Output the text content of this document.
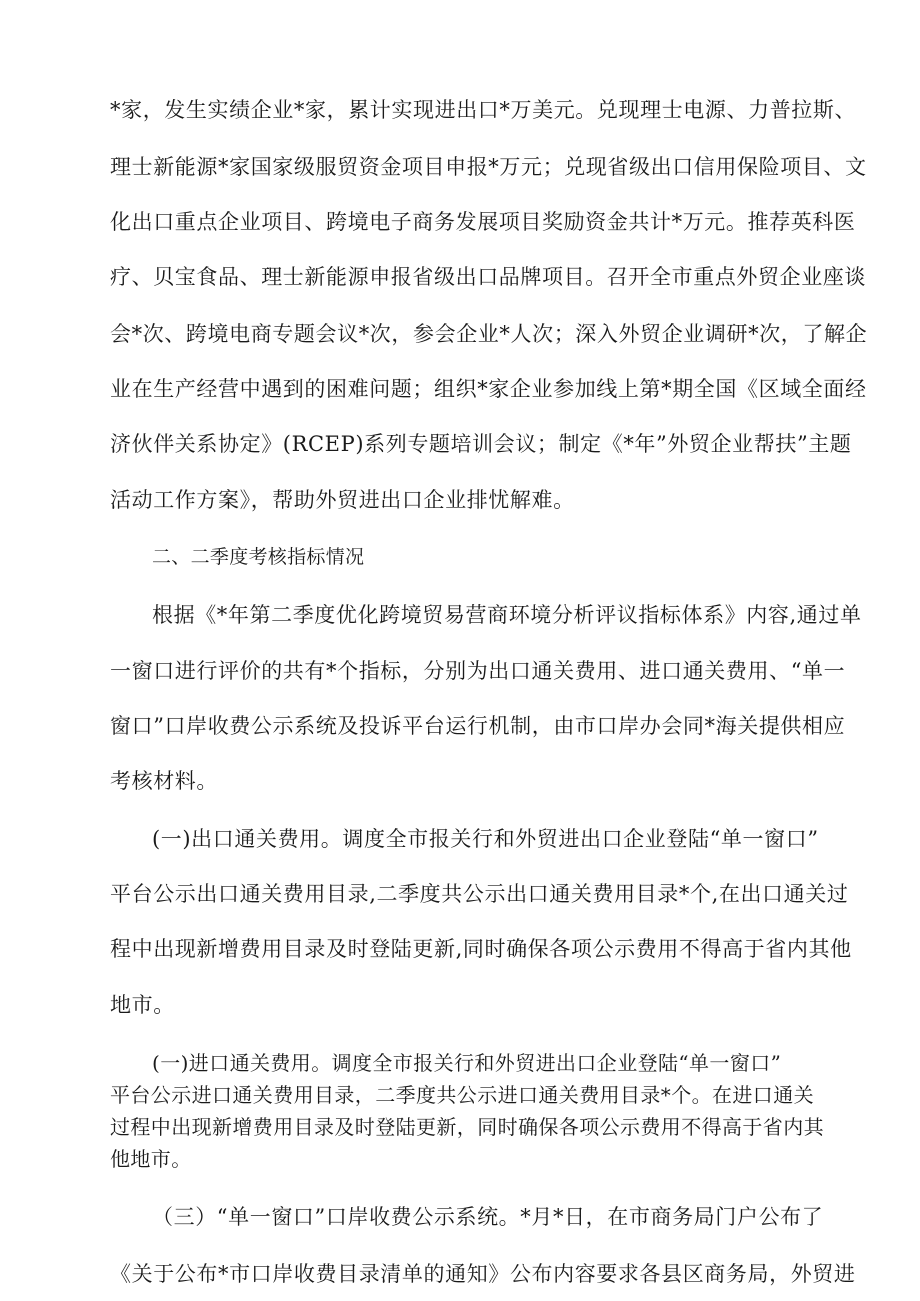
*家，发生实绩企业*家，累计实现进出口*万美元。兑现理士电源、力普拉斯、
理士新能源*家国家级服贸资金项目申报*万元；兑现省级出口信用保险项目、文
化出口重点企业项目、跨境电子商务发展项目奖励资金共计*万元。推荐英科医
疗、贝宝食品、理士新能源申报省级出口品牌项目。召开全市重点外贸企业座谈
会*次、跨境电商专题会议*次，参会企业*人次；深入外贸企业调研*次，了解企
业在生产经营中遇到的困难问题；组织*家企业参加线上第*期全国《区域全面经
济伙伴关系协定》(RCEP)系列专题培训会议；制定《*年”外贸企业帮扶”主题
活动工作方案》，帮助外贸进出口企业排忧解难。
二、二季度考核指标情况
根据《*年第二季度优化跨境贸易营商环境分析评议指标体系》内容,通过单
一窗口进行评价的共有*个指标，分别为出口通关费用、进口通关费用、“单一
窗口”口岸收费公示系统及投诉平台运行机制，由市口岸办会同*海关提供相应
考核材料。
(一)出口通关费用。调度全市报关行和外贸进出口企业登陆“单一窗口”
平台公示出口通关费用目录,二季度共公示出口通关费用目录*个,在出口通关过
程中出现新增费用目录及时登陆更新,同时确保各项公示费用不得高于省内其他
地市。
(一)进口通关费用。调度全市报关行和外贸进出口企业登陆“单一窗口”
平台公示进口通关费用目录，二季度共公示进口通关费用目录*个。在进口通关
过程中出现新增费用目录及时登陆更新，同时确保各项公示费用不得高于省内其
他地市。
（三）“单一窗口”口岸收费公示系统。*月*日，在市商务局门户公布了
《关于公布*市口岸收费目录清单的通知》公布内容要求各县区商务局，外贸进
